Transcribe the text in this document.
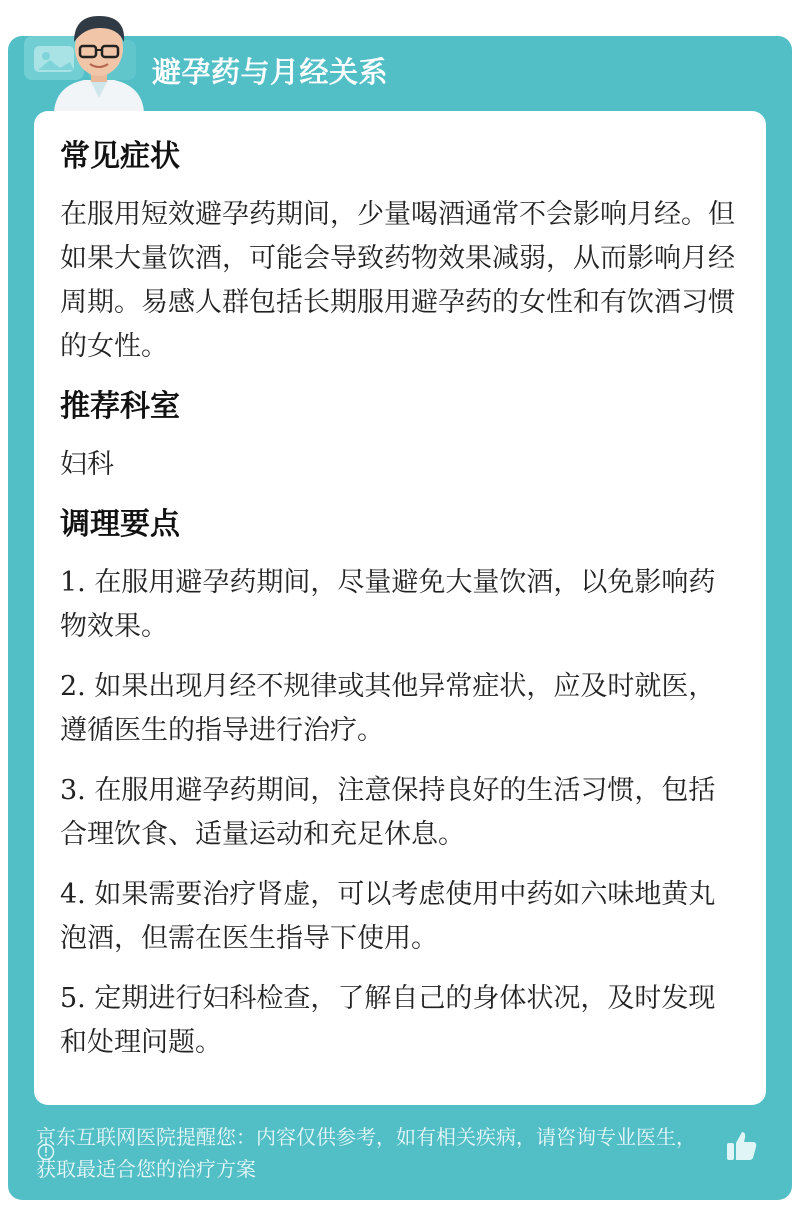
避孕药与月经关系
常见症状

在服用短效避孕药期间，少量喝酒通常不会影响月经。但如果大量饮酒，可能会导致药物效果减弱，从而影响月经周期。易感人群包括长期服用避孕药的女性和有饮酒习惯的女性。

推荐科室

妇科

调理要点

1. 在服用避孕药期间，尽量避免大量饮酒，以免影响药物效果。

2. 如果出现月经不规律或其他异常症状，应及时就医，遵循医生的指导进行治疗。

3. 在服用避孕药期间，注意保持良好的生活习惯，包括合理饮食、适量运动和充足休息。

4. 如果需要治疗肾虚，可以考虑使用中药如六味地黄丸泡酒，但需在医生指导下使用。

5. 定期进行妇科检查，了解自己的身体状况，及时发现和处理问题。

京东互联网医院提醒您：内容仅供参考，如有相关疾病，请咨询专业医生，获取最适合您的治疗方案
